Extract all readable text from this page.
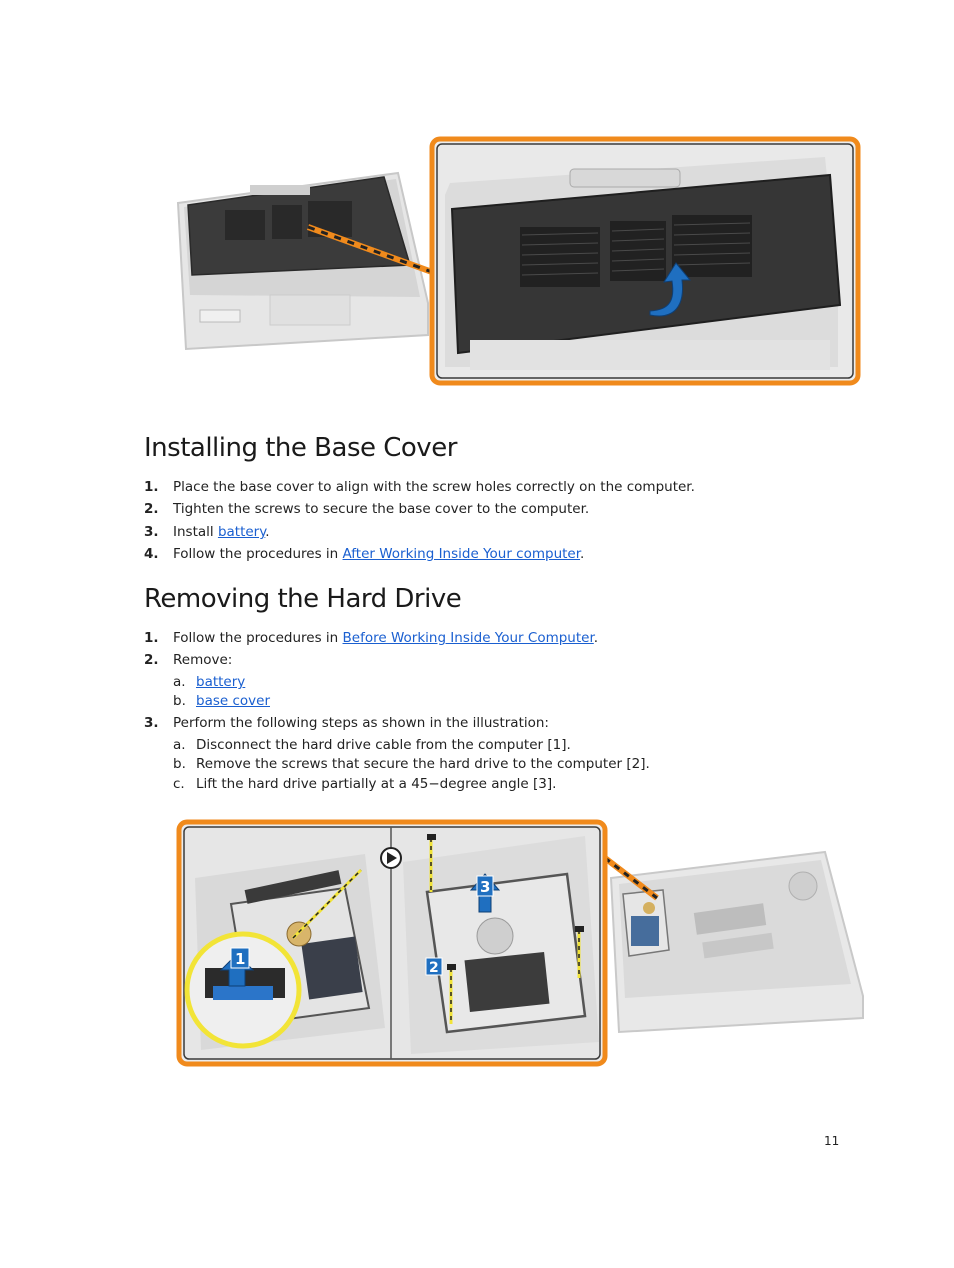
Installing the Base Cover
1. Place the base cover to align with the screw holes correctly on the computer.
2. Tighten the screws to secure the base cover to the computer.
3. Install battery.
4. Follow the procedures in After Working Inside Your computer.
Removing the Hard Drive
1. Follow the procedures in Before Working Inside Your Computer.
2. Remove:
a. battery
b. base cover
3. Perform the following steps as shown in the illustration:
a. Disconnect the hard drive cable from the computer [1].
b. Remove the screws that secure the hard drive to the computer [2].
c. Lift the hard drive partially at a 45−degree angle [3].
1
3
2
11
